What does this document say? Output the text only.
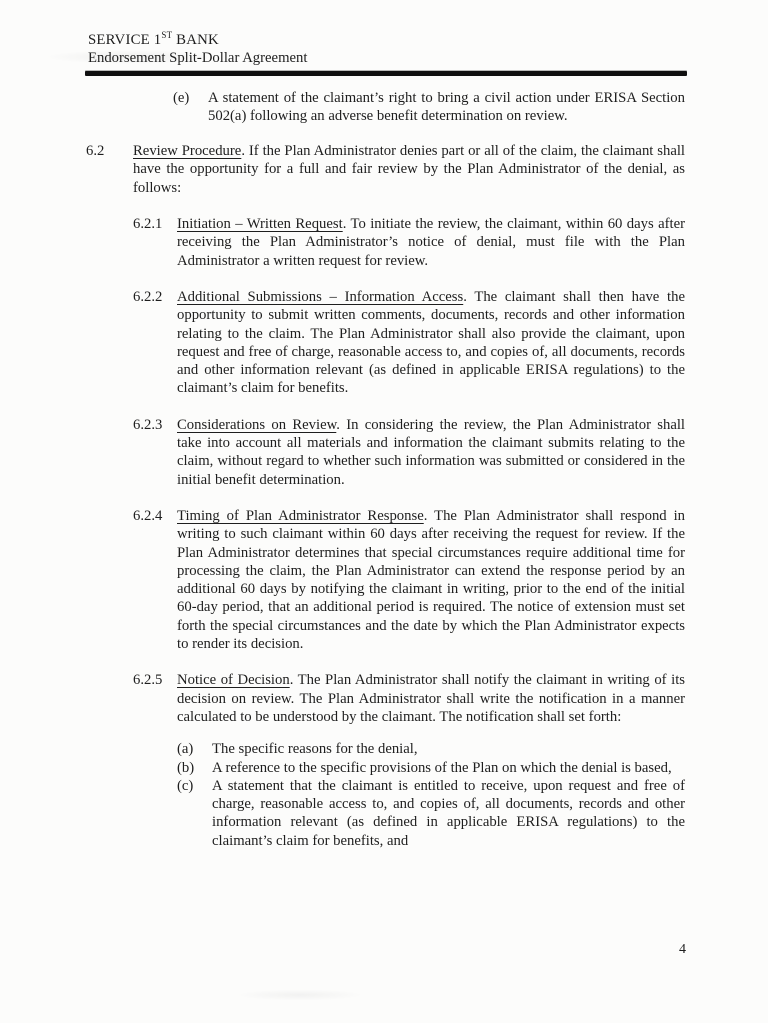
SERVICE 1ST BANK
Endorsement Split-Dollar Agreement
(e)	A statement of the claimant’s right to bring a civil action under ERISA Section 502(a) following an adverse benefit determination on review.
6.2	Review Procedure. If the Plan Administrator denies part or all of the claim, the claimant shall have the opportunity for a full and fair review by the Plan Administrator of the denial, as follows:
6.2.1 Initiation – Written Request. To initiate the review, the claimant, within 60 days after receiving the Plan Administrator’s notice of denial, must file with the Plan Administrator a written request for review.
6.2.2 Additional Submissions – Information Access. The claimant shall then have the opportunity to submit written comments, documents, records and other information relating to the claim. The Plan Administrator shall also provide the claimant, upon request and free of charge, reasonable access to, and copies of, all documents, records and other information relevant (as defined in applicable ERISA regulations) to the claimant’s claim for benefits.
6.2.3 Considerations on Review. In considering the review, the Plan Administrator shall take into account all materials and information the claimant submits relating to the claim, without regard to whether such information was submitted or considered in the initial benefit determination.
6.2.4 Timing of Plan Administrator Response. The Plan Administrator shall respond in writing to such claimant within 60 days after receiving the request for review. If the Plan Administrator determines that special circumstances require additional time for processing the claim, the Plan Administrator can extend the response period by an additional 60 days by notifying the claimant in writing, prior to the end of the initial 60-day period, that an additional period is required. The notice of extension must set forth the special circumstances and the date by which the Plan Administrator expects to render its decision.
6.2.5 Notice of Decision. The Plan Administrator shall notify the claimant in writing of its decision on review. The Plan Administrator shall write the notification in a manner calculated to be understood by the claimant. The notification shall set forth:
(a)	The specific reasons for the denial,
(b)	A reference to the specific provisions of the Plan on which the denial is based,
(c)	A statement that the claimant is entitled to receive, upon request and free of charge, reasonable access to, and copies of, all documents, records and other information relevant (as defined in applicable ERISA regulations) to the claimant’s claim for benefits, and
4
